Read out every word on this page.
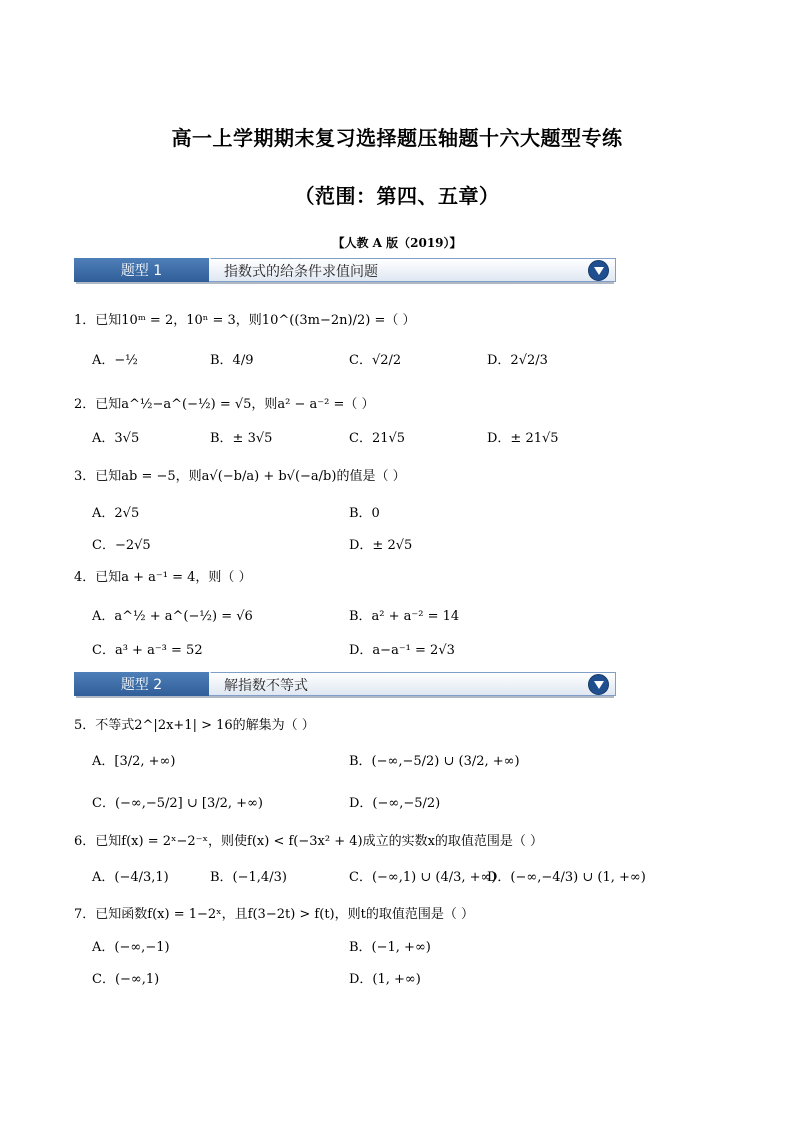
高一上学期期末复习选择题压轴题十六大题型专练
（范围：第四、五章）
【人教 A 版（2019）】
题型 1	指数式的给条件求值问题
1．已知10ᵐ = 2，10ⁿ = 3，则10^((3m−2n)/2) =（ ）
A．−½	B．4/9	C．√2/2	D．2√2/3
2．已知a^½−a^(−½) = √5，则a² − a⁻² =（ ）
A．3√5	B．± 3√5	C．21√5	D．± 21√5
3．已知ab = −5，则a√(−b/a) + b√(−a/b)的值是（ ）
A．2√5	B．0
C．−2√5	D．± 2√5
4．已知a + a⁻¹ = 4，则（ ）
A．a^½ + a^(−½) = √6	B．a² + a⁻² = 14
C．a³ + a⁻³ = 52	D．a−a⁻¹ = 2√3
题型 2	解指数不等式
5．不等式2^|2x+1| > 16的解集为（ ）
A．[3/2, +∞)	B．(−∞,−5/2) ∪ (3/2, +∞)
C．(−∞,−5/2] ∪ [3/2, +∞)	D．(−∞,−5/2)
6．已知f(x) = 2ˣ−2⁻ˣ，则使f(x) < f(−3x² + 4)成立的实数x的取值范围是（ ）
A．(−4/3,1)	B．(−1,4/3)	C．(−∞,1) ∪ (4/3, +∞)
D．(−∞,−4/3) ∪ (1, +∞)
7．已知函数f(x) = 1−2ˣ，且f(3−2t) > f(t)，则t的取值范围是（ ）
A．(−∞,−1)	B．(−1, +∞)
C．(−∞,1)	D．(1, +∞)
